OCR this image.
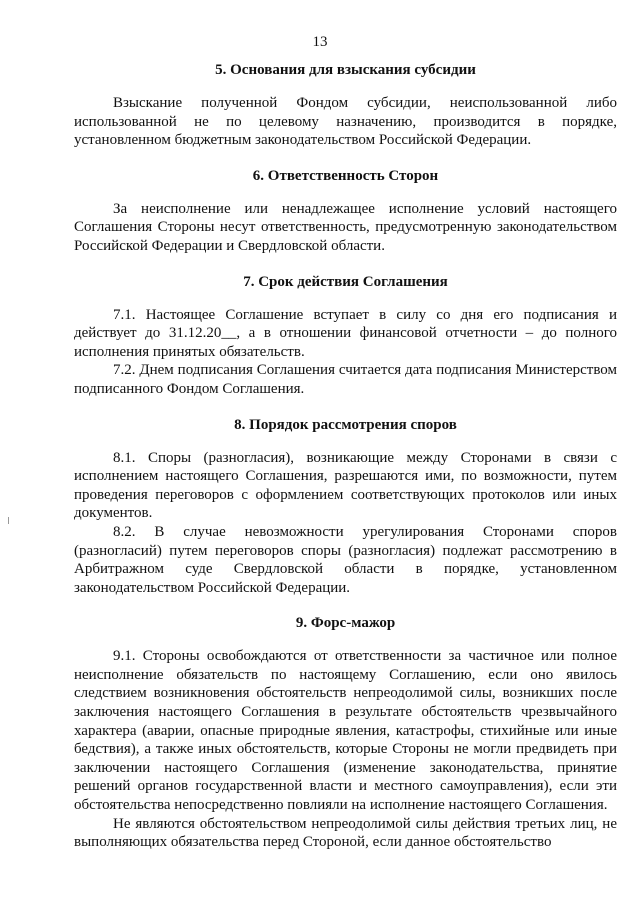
13
5. Основания для взыскания субсидии

Взыскание полученной Фондом субсидии, неиспользованной либо использованной не по целевому назначению, производится в порядке, установленном бюджетным законодательством Российской Федерации.

6. Ответственность Сторон

За неисполнение или ненадлежащее исполнение условий настоящего Соглашения Стороны несут ответственность, предусмотренную законодательством Российской Федерации и Свердловской области.

7. Срок действия Соглашения

7.1. Настоящее Соглашение вступает в силу со дня его подписания и действует до 31.12.20__, а в отношении финансовой отчетности – до полного исполнения принятых обязательств.

7.2. Днем подписания Соглашения считается дата подписания Министерством подписанного Фондом Соглашения.

8. Порядок рассмотрения споров

8.1. Споры (разногласия), возникающие между Сторонами в связи с исполнением настоящего Соглашения, разрешаются ими, по возможности, путем проведения переговоров с оформлением соответствующих протоколов или иных документов.

8.2. В случае невозможности урегулирования Сторонами споров (разногласий) путем переговоров споры (разногласия) подлежат рассмотрению в Арбитражном суде Свердловской области в порядке, установленном законодательством Российской Федерации.

9. Форс-мажор

9.1. Стороны освобождаются от ответственности за частичное или полное неисполнение обязательств по настоящему Соглашению, если оно явилось следствием возникновения обстоятельств непреодолимой силы, возникших после заключения настоящего Соглашения в результате обстоятельств чрезвычайного характера (аварии, опасные природные явления, катастрофы, стихийные или иные бедствия), а также иных обстоятельств, которые Стороны не могли предвидеть при заключении настоящего Соглашения (изменение законодательства, принятие решений органов государственной власти и местного самоуправления), если эти обстоятельства непосредственно повлияли на исполнение настоящего Соглашения.

Не являются обстоятельством непреодолимой силы действия третьих лиц, не выполняющих обязательства перед Стороной, если данное обстоятельство
